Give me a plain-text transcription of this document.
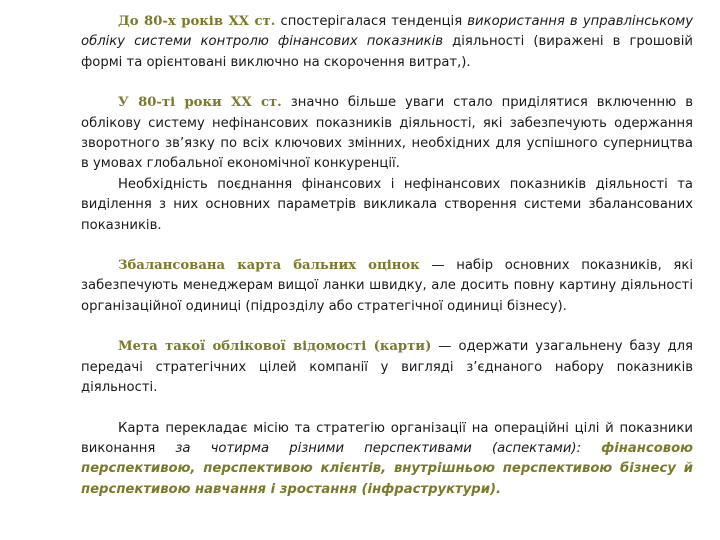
До 80-х років ХХ ст. спостерігалася тенденція використання в управлінському обліку системи контролю фінансових показників діяльності (виражені в грошовій формі та орієнтовані виключно на скорочення витрат,).

У 80-ті роки ХХ ст. значно більше уваги стало приділятися включенню в облікову систему нефінансових показників діяльності, які забезпечують одержання зворотного зв’язку по всіх ключових змінних, необхідних для успішного суперництва в умовах глобальної економічної конкуренції.

Необхідність поєднання фінансових і нефінансових показників діяльності та виділення з них основних параметрів викликала створення системи збалансованих показників.

Збалансована карта бальних оцінок — набір основних показників, які забезпечують менеджерам вищої ланки швидку, але досить повну картину діяльності організаційної одиниці (підрозділу або стратегічної одиниці бізнесу).

Мета такої облікової відомості (карти) — одержати узагальнену базу для передачі стратегічних цілей компанії у вигляді з’єднаного набору показників діяльності.

Карта перекладає місію та стратегію організації на операційні цілі й показники виконання за чотирма різними перспективами (аспектами): фінансовою перспективою, перспективою клієнтів, внутрішньою перспективою бізнесу й перспективою навчання і зростання (інфраструктури).
